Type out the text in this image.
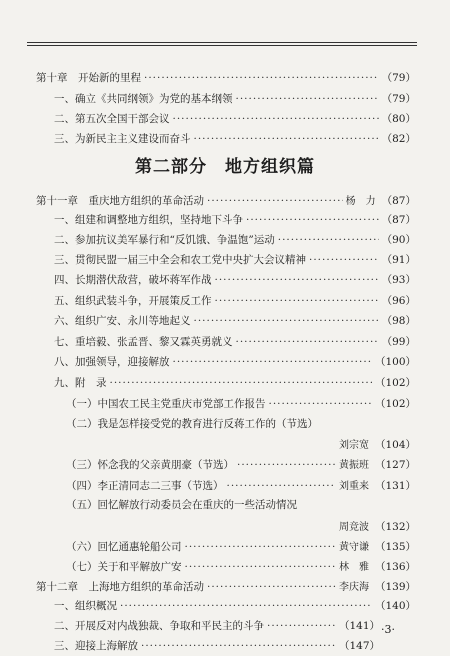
第十章　开始新的里程 ·····	（79）
一、确立《共同纲领》为党的基本纲领 ·····	（79）
二、第五次全国干部会议 ·····	（80）
三、为新民主主义建设而奋斗 ·····	（82）
第二部分　地方组织篇
第十一章　重庆地方组织的革命活动 ·····	杨　力 （87）
一、组建和调整地方组织，坚持地下斗争 ·····	（87）
二、参加抗议美军暴行和“反饥饿、争温饱”运动 ·····	（90）
三、贯彻民盟一届三中全会和农工党中央扩大会议精神 ·····	（91）
四、长期潜伏敌营，破坏蒋军作战 ·····	（93）
五、组织武装斗争，开展策反工作 ·····	（96）
六、组织广安、永川等地起义 ·····	（98）
七、重培毅、张孟晋、黎又霖英勇就义 ·····	（99）
八、加强领导，迎接解放 ·····	（100）
九、附　录 ·····	（102）
（一）中国农工民主党重庆市党部工作报告 ·····	（102）
（二）我是怎样接受党的教育进行反蒋工作的（节选）
刘宗宽 （104）
（三）怀念我的父亲黄朋豪（节选） ·····	黄振班 （127）
（四）李正清同志二三事（节选） ·····	刘重来 （131）
（五）回忆解放行动委员会在重庆的一些活动情况
周竞波 （132）
（六）回忆通惠轮船公司 ·····	黄守谦 （135）
（七）关于和平解放广安 ·····	林　雅 （136）
第十二章　上海地方组织的革命活动 ·····	李庆海 （139）
一、组织概况 ·····	（140）
二、开展反对内战独裁、争取和平民主的斗争 ·····	（141）
三、迎接上海解放 ·····	（147）
·3·
